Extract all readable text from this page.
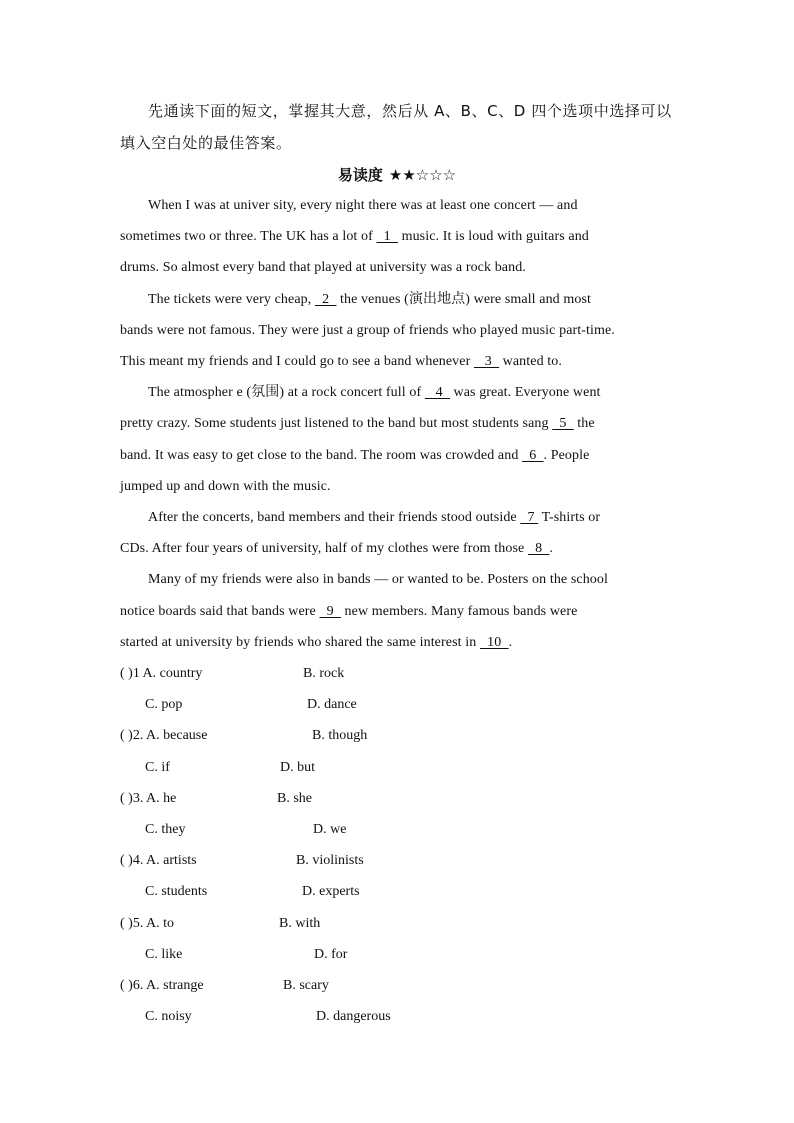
先通读下面的短文，掌握其大意，然后从 A、B、C、D 四个选项中选择可以
填入空白处的最佳答案。
易读度 ★★☆☆☆
When I was at univer sity, every night there was at least one concert — and
sometimes two or three. The UK has a lot of   1   music. It is loud with guitars and
drums. So almost every band that played at university was a rock band.
The tickets were very cheap,   2   the venues (演出地点) were small and most
bands were not famous. They were just a group of friends who played music part-time.
This meant my friends and I could go to see a band whenever    3   wanted to.
The atmospher e (氛围) at a rock concert full of    4   was great. Everyone went
pretty crazy. Some students just listened to the band but most students sang   5   the
band. It was easy to get close to the band. The room was crowded and   6  . People
jumped up and down with the music.
After the concerts, band members and their friends stood outside   7  T-shirts or
CDs. After four years of university, half of my clothes were from those   8  .
Many of my friends were also in bands — or wanted to be. Posters on the school
notice boards said that bands were   9   new members. Many famous bands were
started at university by friends who shared the same interest in   10  .
( )1 A. country	B. rock
C. pop	D. dance
( )2. A. because	B. though
C. if	D. but
( )3. A. he	B. she
C. they	D. we
( )4. A. artists	B. violinists
C. students	D. experts
( )5. A. to	B. with
C. like	D. for
( )6. A. strange	B. scary
C. noisy	D. dangerous
